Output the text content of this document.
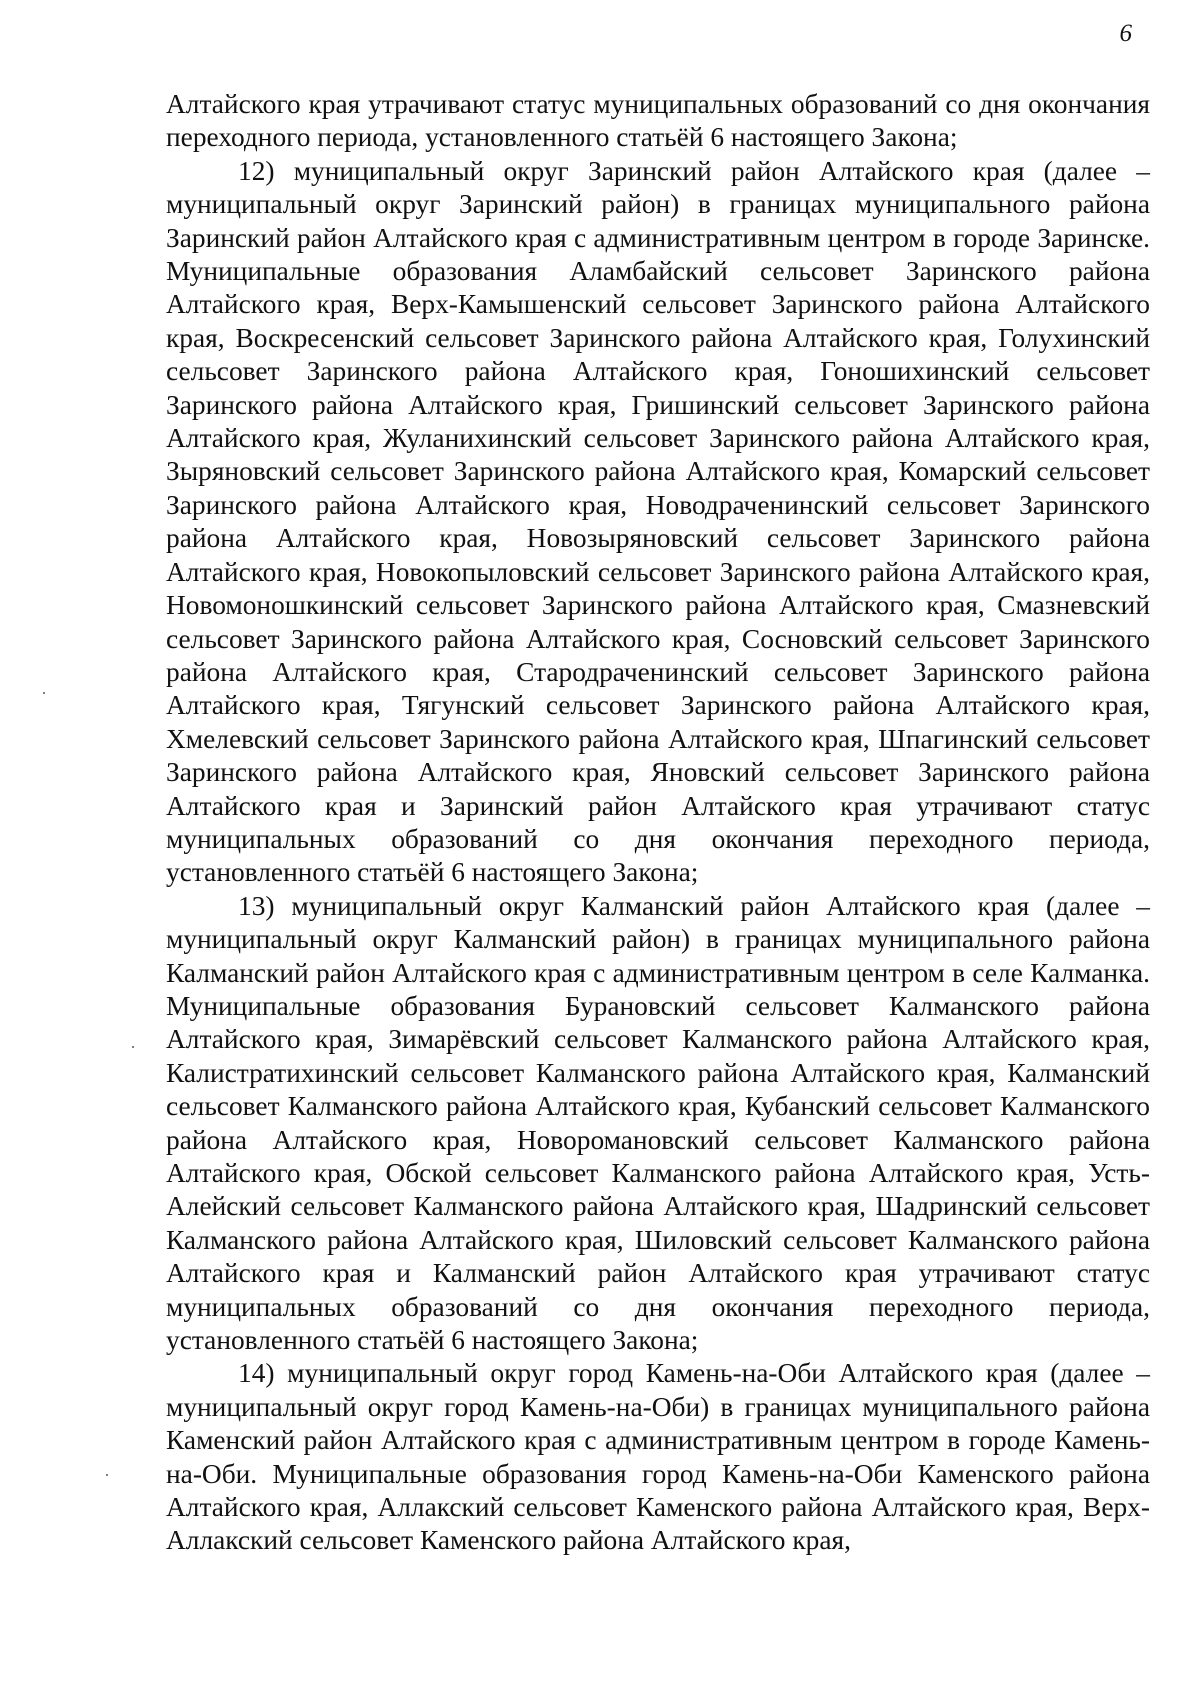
6

Алтайского края утрачивают статус муниципальных образований со дня окончания переходного периода, установленного статьёй 6 настоящего Закона;

12) муниципальный округ Заринский район Алтайского края (далее – муниципальный округ Заринский район) в границах муниципального района Заринский район Алтайского края с административным центром в городе Заринске. Муниципальные образования Аламбайский сельсовет Заринского района Алтайского края, Верх-Камышенский сельсовет Заринского района Алтайского края, Воскресенский сельсовет Заринского района Алтайского края, Голухинский сельсовет Заринского района Алтайского края, Гоношихинский сельсовет Заринского района Алтайского края, Гришинский сельсовет Заринского района Алтайского края, Жуланихинский сельсовет Заринского района Алтайского края, Зыряновский сельсовет Заринского района Алтайского края, Комарский сельсовет Заринского района Алтайского края, Новодраченинский сельсовет Заринского района Алтайского края, Новозыряновский сельсовет Заринского района Алтайского края, Новокопыловский сельсовет Заринского района Алтайского края, Новомоношкинский сельсовет Заринского района Алтайского края, Смазневский сельсовет Заринского района Алтайского края, Сосновский сельсовет Заринского района Алтайского края, Стародраченинский сельсовет Заринского района Алтайского края, Тягунский сельсовет Заринского района Алтайского края, Хмелевский сельсовет Заринского района Алтайского края, Шпагинский сельсовет Заринского района Алтайского края, Яновский сельсовет Заринского района Алтайского края и Заринский район Алтайского края утрачивают статус муниципальных образований со дня окончания переходного периода, установленного статьёй 6 настоящего Закона;

13) муниципальный округ Калманский район Алтайского края (далее – муниципальный округ Калманский район) в границах муниципального района Калманский район Алтайского края с административным центром в селе Калманка. Муниципальные образования Бурановский сельсовет Калманского района Алтайского края, Зимарёвский сельсовет Калманского района Алтайского края, Калистратихинский сельсовет Калманского района Алтайского края, Калманский сельсовет Калманского района Алтайского края, Кубанский сельсовет Калманского района Алтайского края, Новоромановский сельсовет Калманского района Алтайского края, Обской сельсовет Калманского района Алтайского края, Усть-Алейский сельсовет Калманского района Алтайского края, Шадринский сельсовет Калманского района Алтайского края, Шиловский сельсовет Калманского района Алтайского края и Калманский район Алтайского края утрачивают статус муниципальных образований со дня окончания переходного периода, установленного статьёй 6 настоящего Закона;

14) муниципальный округ город Камень-на-Оби Алтайского края (далее – муниципальный округ город Камень-на-Оби) в границах муниципального района Каменский район Алтайского края с административным центром в городе Камень-на-Оби. Муниципальные образования город Камень-на-Оби Каменского района Алтайского края, Аллакский сельсовет Каменского района Алтайского края, Верх-Аллакский сельсовет Каменского района Алтайского края,
